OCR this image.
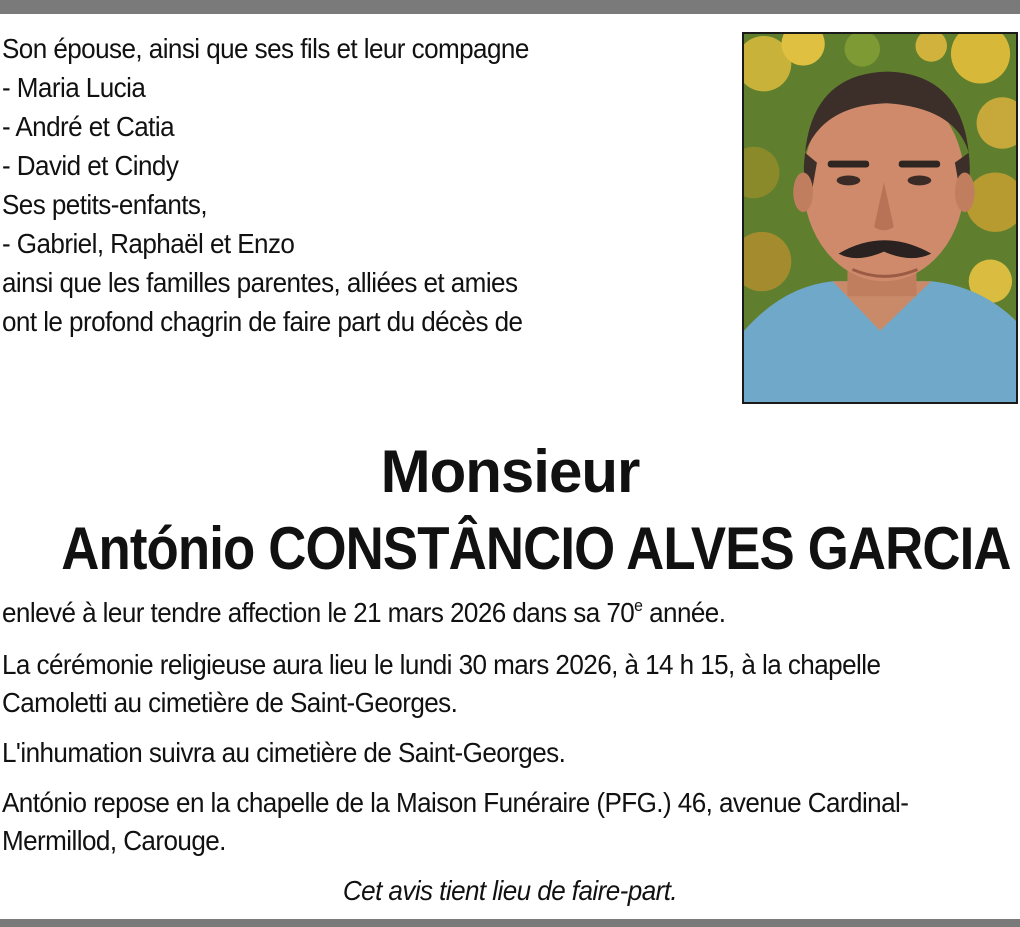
Son épouse, ainsi que ses fils et leur compagne
- Maria Lucia
- André et Catia
- David et Cindy
Ses petits-enfants,
- Gabriel, Raphaël et Enzo
ainsi que les familles parentes, alliées et amies
ont le profond chagrin de faire part du décès de
Monsieur
António CONSTÂNCIO ALVES GARCIA
enlevé à leur tendre affection le 21 mars 2026 dans sa 70e année.
La cérémonie religieuse aura lieu le lundi 30 mars 2026, à 14 h 15, à la chapelle
Camoletti au cimetière de Saint-Georges.
L'inhumation suivra au cimetière de Saint-Georges.
António repose en la chapelle de la Maison Funéraire (PFG.) 46, avenue Cardinal-
Mermillod, Carouge.
Cet avis tient lieu de faire-part.
